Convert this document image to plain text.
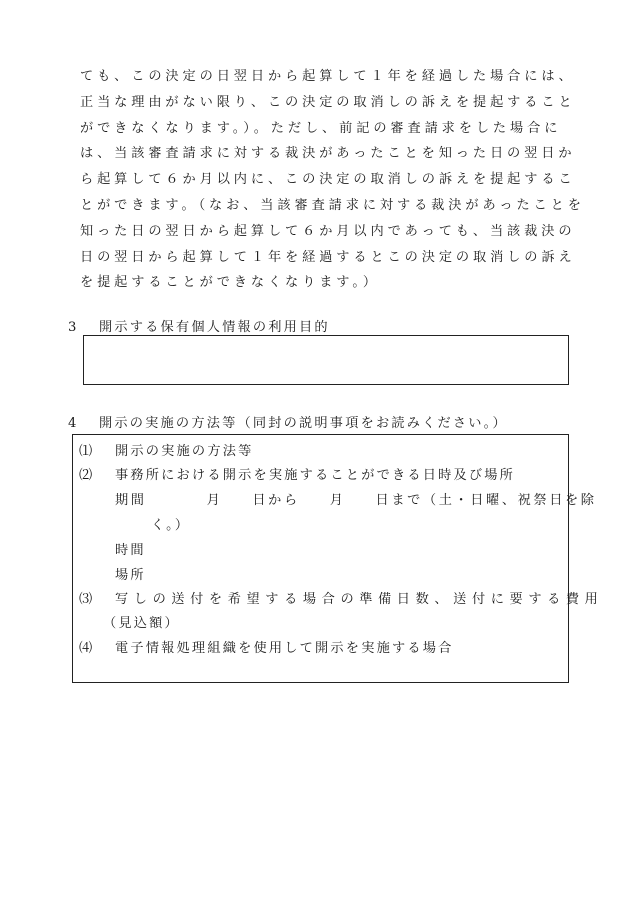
ても、この決定の日翌日から起算して１年を経過した場合には、
正当な理由がない限り、この決定の取消しの訴えを提起すること
ができなくなります。）。ただし、前記の審査請求をした場合に
は、当該審査請求に対する裁決があったことを知った日の翌日か
ら起算して６か月以内に、この決定の取消しの訴えを提起するこ
とができます。（なお、当該審査請求に対する裁決があったことを
知った日の翌日から起算して６か月以内であっても、当該裁決の
日の翌日から起算して１年を経過するとこの決定の取消しの訴え
を提起することができなくなります。）
3 開示する保有個人情報の利用目的
4 開示の実施の方法等（同封の説明事項をお読みください。）
⑴ 開示の実施の方法等
⑵ 事務所における開示を実施することができる日時及び場所
期間	月 日から 月 日まで（土・日曜、祝祭日を除
く。）
時間
場所
⑶ 写しの送付を希望する場合の準備日数、送付に要する費用
（見込額）
⑷ 電子情報処理組織を使用して開示を実施する場合
